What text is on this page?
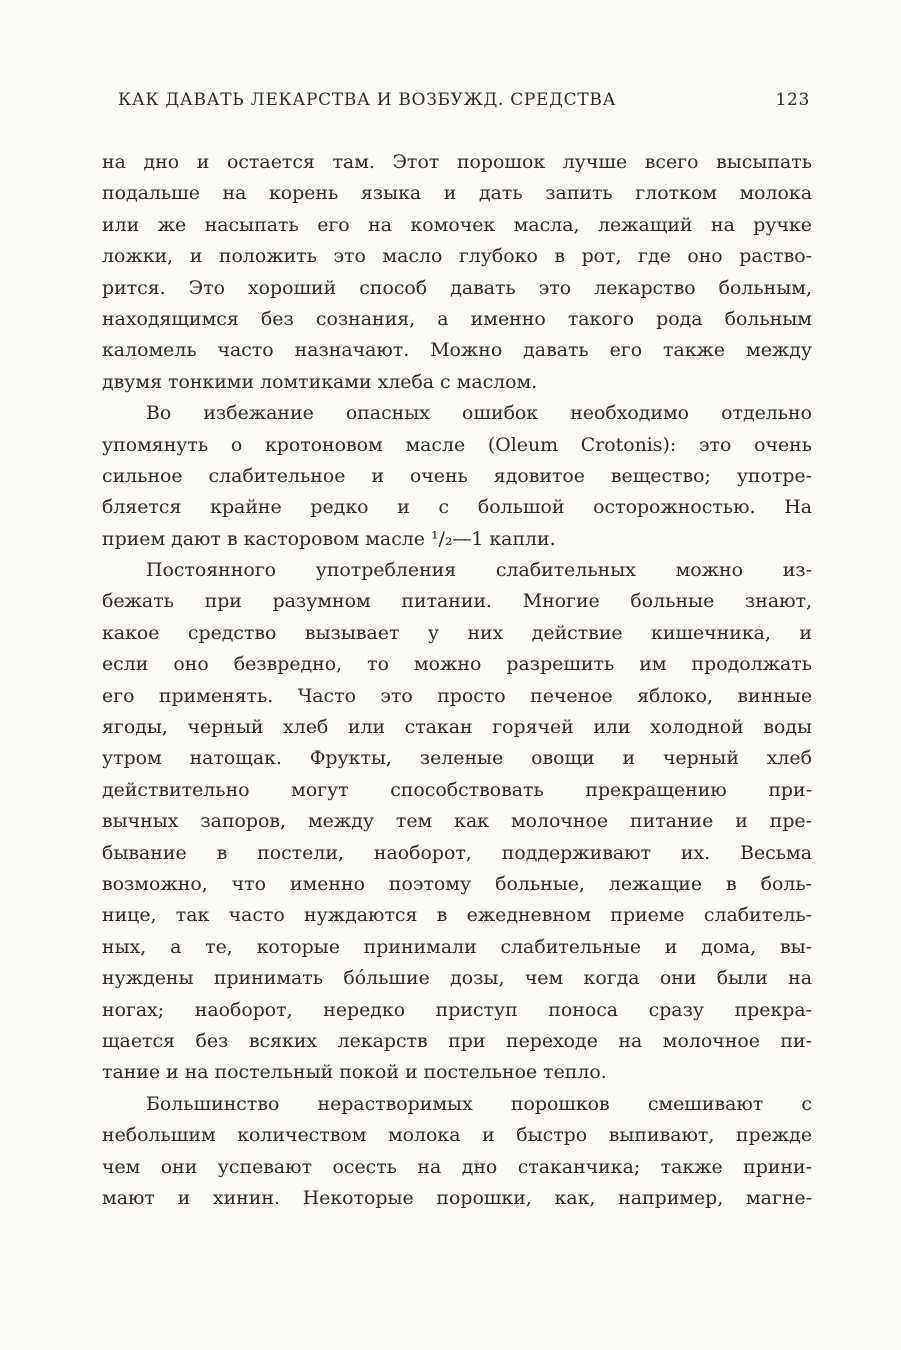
КАК ДАВАТЬ ЛЕКАРСТВА И ВОЗБУЖД. СРЕДСТВА	123
на дно и остается там. Этот порошок лучше всего высыпать
подальше на корень языка и дать запить глотком молока
или же насыпать его на комочек масла, лежащий на ручке
ложки, и положить это масло глубоко в рот, где оно раство-
рится. Это хороший способ давать это лекарство больным,
находящимся без сознания, а именно такого рода больным
каломель часто назначают. Можно давать его также между
двумя тонкими ломтиками хлеба с маслом.
Во избежание опасных ошибок необходимо отдельно
упомянуть о кротоновом масле (Oleum Crotonis): это очень
сильное слабительное и очень ядовитое вещество; употре-
бляется крайне редко и с большой осторожностью. На
прием дают в касторовом масле ¹/₂—1 капли.
Постоянного употребления слабительных можно из-
бежать при разумном питании. Многие больные знают,
какое средство вызывает у них действие кишечника, и
если оно безвредно, то можно разрешить им продолжать
его применять. Часто это просто печеное яблоко, винные
ягоды, черный хлеб или стакан горячей или холодной воды
утром натощак. Фрукты, зеленые овощи и черный хлеб
действительно могут способствовать прекращению при-
вычных запоров, между тем как молочное питание и пре-
бывание в постели, наоборот, поддерживают их. Весьма
возможно, что именно поэтому больные, лежащие в боль-
нице, так часто нуждаются в ежедневном приеме слабитель-
ных, а те, которые принимали слабительные и дома, вы-
нуждены принимать бо́льшие дозы, чем когда они были на
ногах; наоборот, нередко приступ поноса сразу прекра-
щается без всяких лекарств при переходе на молочное пи-
тание и на постельный покой и постельное тепло.
Большинство нерастворимых порошков смешивают с
небольшим количеством молока и быстро выпивают, прежде
чем они успевают осесть на дно стаканчика; также прини-
мают и хинин. Некоторые порошки, как, например, магне-
